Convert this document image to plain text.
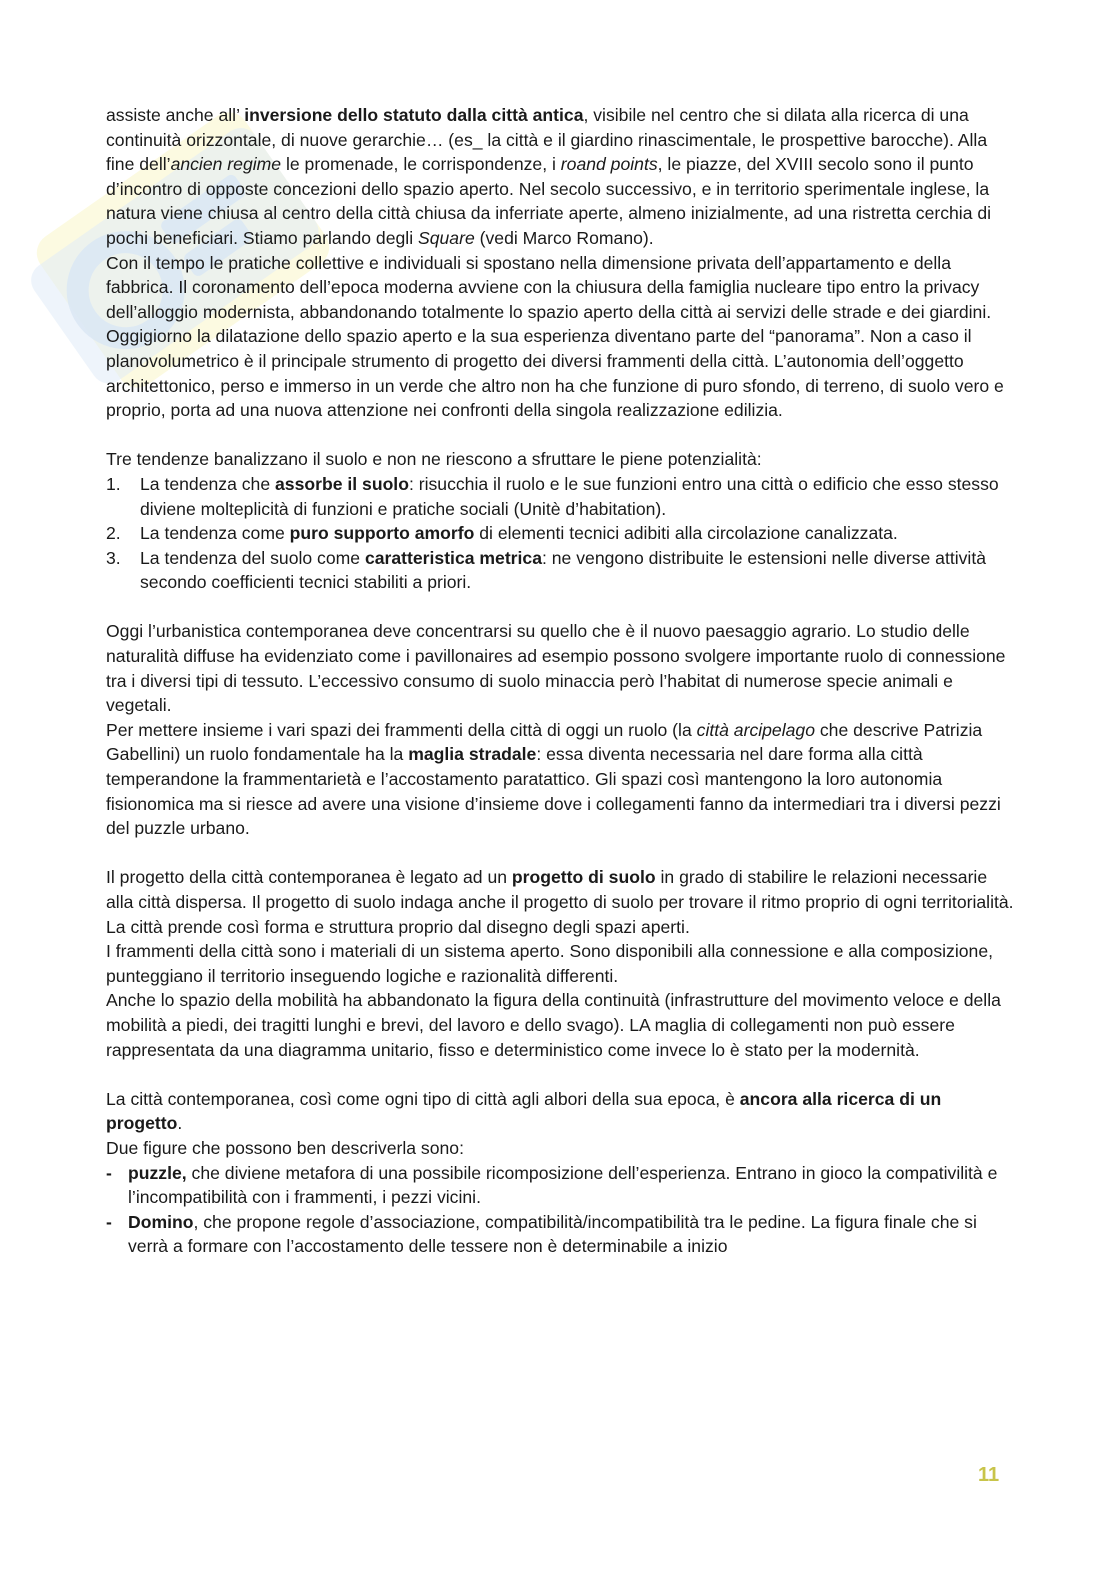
assiste anche all’ inversione dello statuto dalla città antica, visibile nel centro che si dilata alla ricerca di una continuità orizzontale, di nuove gerarchie… (es_ la città e il giardino rinascimentale, le prospettive barocche). Alla fine dell’ancien regime le promenade, le corrispondenze, i roand points, le piazze, del XVIII secolo sono il punto d’incontro di opposte concezioni dello spazio aperto. Nel secolo successivo, e in territorio sperimentale inglese, la natura viene chiusa al centro della città chiusa da inferriate aperte, almeno inizialmente, ad una ristretta cerchia di pochi beneficiari. Stiamo parlando degli Square (vedi Marco Romano).

Con il tempo le pratiche collettive e individuali si spostano nella dimensione privata dell’appartamento e della fabbrica. Il coronamento dell’epoca moderna avviene con la chiusura della famiglia nucleare tipo entro la privacy dell’alloggio modernista, abbandonando totalmente lo spazio aperto della città ai servizi delle strade e dei giardini.

Oggigiorno la dilatazione dello spazio aperto e la sua esperienza diventano parte del “panorama”. Non a caso il planovolumetrico è il principale strumento di progetto dei diversi frammenti della città. L’autonomia dell’oggetto architettonico, perso e immerso in un verde che altro non ha che funzione di puro sfondo, di terreno, di suolo vero e proprio, porta ad una nuova attenzione nei confronti della singola realizzazione edilizia.

Tre tendenze banalizzano il suolo e non ne riescono a sfruttare le piene potenzialità:

1.	La tendenza che assorbe il suolo: risucchia il ruolo e le sue funzioni entro una città o edificio che esso stesso diviene molteplicità di funzioni e pratiche sociali (Unitè d’habitation).
2.	La tendenza come puro supporto amorfo di elementi tecnici adibiti alla circolazione canalizzata.
3.	La tendenza del suolo come caratteristica metrica: ne vengono distribuite le estensioni nelle diverse attività secondo coefficienti tecnici stabiliti a priori.

Oggi l’urbanistica contemporanea deve concentrarsi su quello che è il nuovo paesaggio agrario. Lo studio delle naturalità diffuse ha evidenziato come i pavillonaires ad esempio possono svolgere importante ruolo di connessione tra i diversi tipi di tessuto. L’eccessivo consumo di suolo minaccia però l’habitat di numerose specie animali e vegetali.

Per mettere insieme i vari spazi dei frammenti della città di oggi un ruolo (la città arcipelago che descrive Patrizia Gabellini) un ruolo fondamentale ha la maglia stradale: essa diventa necessaria nel dare forma alla città temperandone la frammentarietà e l’accostamento paratattico. Gli spazi così mantengono la loro autonomia fisionomica ma si riesce ad avere una visione d’insieme dove i collegamenti fanno da intermediari tra i diversi pezzi del puzzle urbano.

Il progetto della città contemporanea è legato ad un progetto di suolo in grado di stabilire le relazioni necessarie alla città dispersa. Il progetto di suolo indaga anche il progetto di suolo per trovare il ritmo proprio di ogni territorialità. La città prende così forma e struttura proprio dal disegno degli spazi aperti.

I frammenti della città sono i materiali di un sistema aperto. Sono disponibili alla connessione e alla composizione, punteggiano il territorio inseguendo logiche e razionalità differenti.

Anche lo spazio della mobilità ha abbandonato la figura della continuità (infrastrutture del movimento veloce e della mobilità a piedi, dei tragitti lunghi e brevi, del lavoro e dello svago). LA maglia di collegamenti non può essere rappresentata da una diagramma unitario, fisso e deterministico come invece lo è stato per la modernità.

La città contemporanea, così come ogni tipo di città agli albori della sua epoca, è ancora alla ricerca di un progetto.

Due figure che possono ben descriverla sono:

- puzzle, che diviene metafora di una possibile ricomposizione dell’esperienza. Entrano in gioco la compativilità e l’incompatibilità con i frammenti, i pezzi vicini.
- Domino, che propone regole d’associazione, compatibilità/incompatibilità tra le pedine. La figura finale che si verrà a formare con l’accostamento delle tessere non è determinabile a inizio
11
